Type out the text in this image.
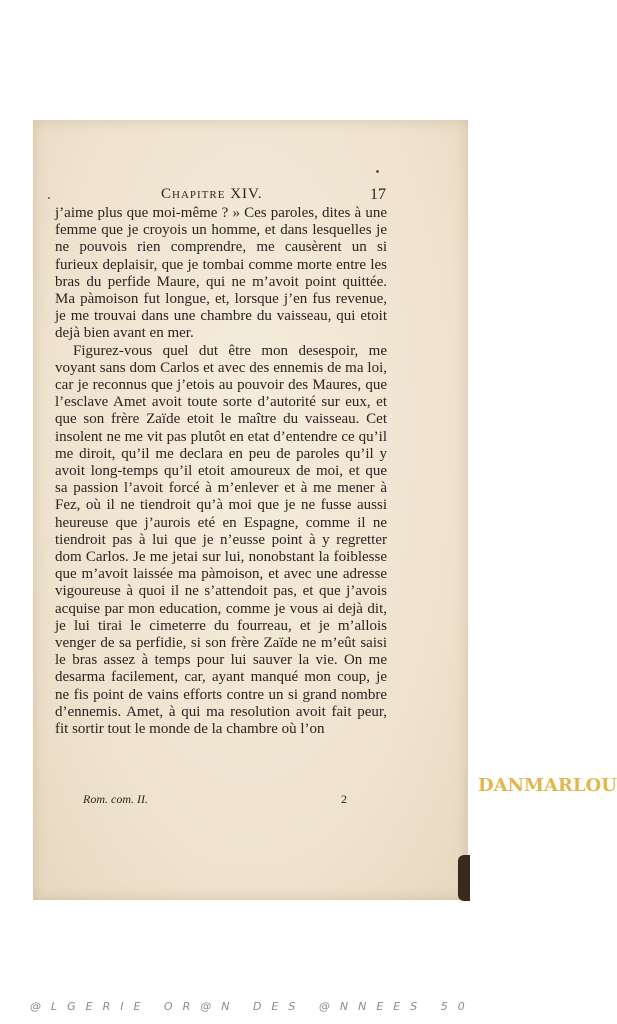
Chapitre XIV.	17

j’aime plus que moi-même ? » Ces paroles, dites à une femme que je croyois un homme, et dans lesquelles je ne pouvois rien comprendre, me causèrent un si furieux deplaisir, que je tombai comme morte entre les bras du perfide Maure, qui ne m’avoit point quittée. Ma pàmoison fut longue, et, lorsque j’en fus revenue, je me trouvai dans une chambre du vaisseau, qui etoit dejà bien avant en mer.

Figurez-vous quel dut être mon desespoir, me voyant sans dom Carlos et avec des ennemis de ma loi, car je reconnus que j’etois au pouvoir des Maures, que l’esclave Amet avoit toute sorte d’autorité sur eux, et que son frère Zaïde etoit le maître du vaisseau. Cet insolent ne me vit pas plutôt en etat d’entendre ce qu’il me diroit, qu’il me declara en peu de paroles qu’il y avoit long-temps qu’il etoit amoureux de moi, et que sa passion l’avoit forcé à m’enlever et à me mener à Fez, où il ne tiendroit qu’à moi que je ne fusse aussi heureuse que j’aurois eté en Espagne, comme il ne tiendroit pas à lui que je n’eusse point à y regretter dom Carlos. Je me jetai sur lui, nonobstant la foiblesse que m’avoit laissée ma pàmoison, et avec une adresse vigoureuse à quoi il ne s’attendoit pas, et que j’avois acquise par mon education, comme je vous ai dejà dit, je lui tirai le cimeterre du fourreau, et je m’allois venger de sa perfidie, si son frère Zaïde ne m’eût saisi le bras assez à temps pour lui sauver la vie. On me desarma facilement, car, ayant manqué mon coup, je ne fis point de vains efforts contre un si grand nombre d’ennemis. Amet, à qui ma resolution avoit fait peur, fit sortir tout le monde de la chambre où l’on

Rom. com. II.	2
DANMARLOU
@LGERIE OR@N DES @NNEES 50
